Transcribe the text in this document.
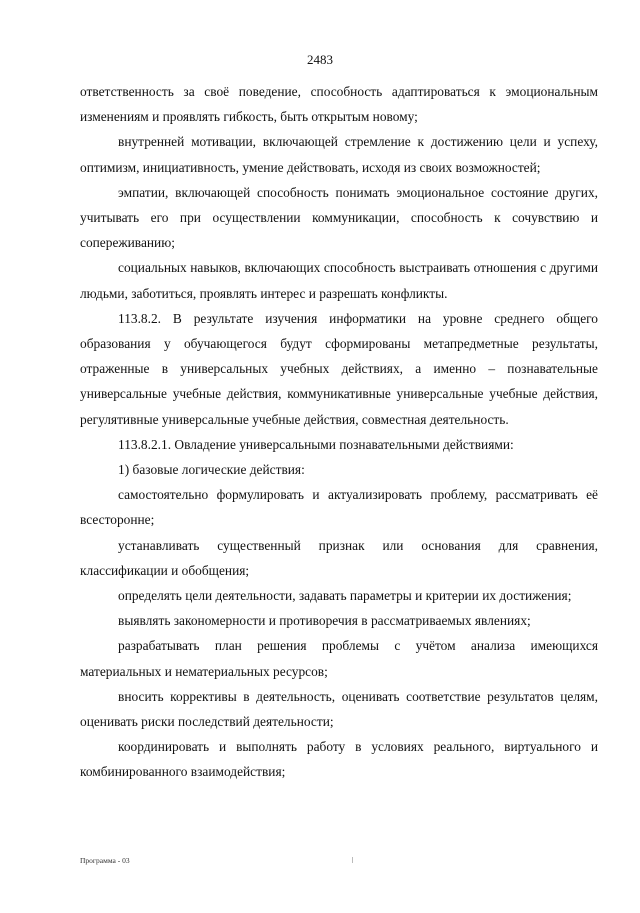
2483

ответственность за своё поведение, способность адаптироваться к эмоциональным изменениям и проявлять гибкость, быть открытым новому;

внутренней мотивации, включающей стремление к достижению цели и успеху, оптимизм, инициативность, умение действовать, исходя из своих возможностей;

эмпатии, включающей способность понимать эмоциональное состояние других, учитывать его при осуществлении коммуникации, способность к сочувствию и сопереживанию;

социальных навыков, включающих способность выстраивать отношения с другими людьми, заботиться, проявлять интерес и разрешать конфликты.

113.8.2. В результате изучения информатики на уровне среднего общего образования у обучающегося будут сформированы метапредметные результаты, отраженные в универсальных учебных действиях, а именно – познавательные универсальные учебные действия, коммуникативные универсальные учебные действия, регулятивные универсальные учебные действия, совместная деятельность.

113.8.2.1. Овладение универсальными познавательными действиями:

1) базовые логические действия:

самостоятельно формулировать и актуализировать проблему, рассматривать её всесторонне;

устанавливать существенный признак или основания для сравнения, классификации и обобщения;

определять цели деятельности, задавать параметры и критерии их достижения;

выявлять закономерности и противоречия в рассматриваемых явлениях;

разрабатывать план решения проблемы с учётом анализа имеющихся материальных и нематериальных ресурсов;

вносить коррективы в деятельность, оценивать соответствие результатов целям, оценивать риски последствий деятельности;

координировать и выполнять работу в условиях реального, виртуального и комбинированного взаимодействия;

Программа - 03
